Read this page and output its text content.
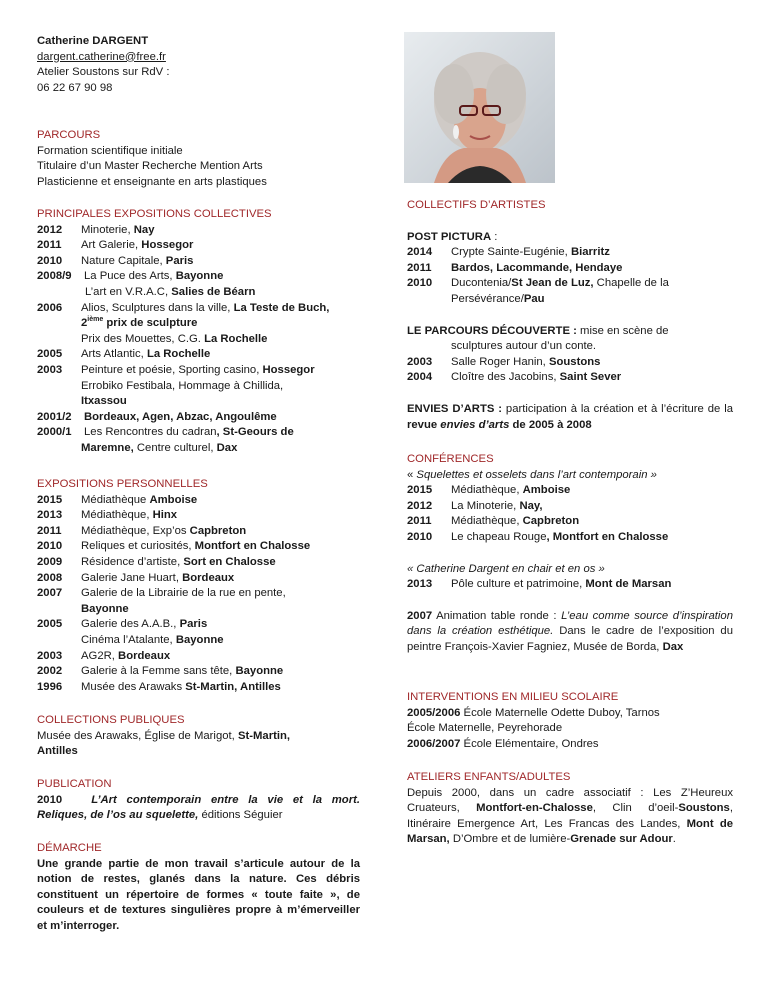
Catherine DARGENT
dargent.catherine@free.fr
Atelier Soustons sur RdV :
06 22 67 90 98
PARCOURS
Formation scientifique initiale
Titulaire d’un Master Recherche Mention Arts
Plasticienne et enseignante en arts plastiques
PRINCIPALES EXPOSITIONS COLLECTIVES
2012	Minoterie, Nay
2011	Art Galerie, Hossegor
2010	Nature Capitale, Paris
2008/9	La Puce des Arts, Bayonne
L’art en V.R.A.C, Salies de Béarn
2006	Alios, Sculptures dans la ville, La Teste de Buch,
2ième prix de sculpture
Prix des Mouettes, C.G. La Rochelle
2005	Arts Atlantic, La Rochelle
2003	Peinture et poésie, Sporting casino, Hossegor
Errobiko Festibala, Hommage à Chillida,
Itxassou
2001/2	Bordeaux, Agen, Abzac, Angoulême
2000/1	Les Rencontres du cadran, St-Geours de
Maremne, Centre culturel, Dax
EXPOSITIONS PERSONNELLES
2015	Médiathèque Amboise
2013	Médiathèque, Hinx
2011	Médiathèque, Exp’os Capbreton
2010	Reliques et curiosités, Montfort en Chalosse
2009	Résidence d’artiste, Sort en Chalosse
2008	Galerie Jane Huart, Bordeaux
2007	Galerie de la Librairie de la rue en pente,
Bayonne
2005	Galerie des A.A.B., Paris
Cinéma l’Atalante, Bayonne
2003	AG2R, Bordeaux
2002	Galerie à la Femme sans tête, Bayonne
1996	Musée des Arawaks St-Martin, Antilles
COLLECTIONS PUBLIQUES
Musée des Arawaks, Église de Marigot, St-Martin,
Antilles
PUBLICATION
2010	L’Art contemporain entre la vie et la mort.
Reliques, de l’os au squelette, éditions Séguier
DÉMARCHE
Une grande partie de mon travail s’articule autour de la notion de restes, glanés dans la nature. Ces débris constituent un répertoire de formes « toute faite », de couleurs et de textures singulières propre à m’émerveiller et m’interroger.
COLLECTIFS D’ARTISTES
POST PICTURA :
2014	Crypte Sainte-Eugénie, Biarritz
2011	Bardos, Lacommande, Hendaye
2010	Ducontenia/St Jean de Luz, Chapelle de la
Persévérance/Pau
LE PARCOURS DÉCOUVERTE : mise en scène de
sculptures autour d’un conte.
2003	Salle Roger Hanin, Soustons
2004	Cloître des Jacobins, Saint Sever
ENVIES D’ARTS : participation à la création et à l’écriture de la revue envies d’arts de 2005 à 2008
CONFÉRENCES
« Squelettes et osselets dans l’art contemporain »
2015	Médiathèque, Amboise
2012	La Minoterie, Nay,
2011	Médiathèque, Capbreton
2010	Le chapeau Rouge, Montfort en Chalosse
« Catherine Dargent en chair et en os »
2013	Pôle culture et patrimoine, Mont de Marsan
2007 Animation table ronde : L’eau comme source d’inspiration dans la création esthétique. Dans le cadre de l’exposition du peintre François-Xavier Fagniez, Musée de Borda, Dax
INTERVENTIONS EN MILIEU SCOLAIRE
2005/2006 École Maternelle Odette Duboy, Tarnos
École Maternelle, Peyrehorade
2006/2007 École Elémentaire, Ondres
ATELIERS ENFANTS/ADULTES
Depuis 2000, dans un cadre associatif : Les Z’Heureux Cruateurs, Montfort-en-Chalosse, Clin d’oeil-Soustons, Itinéraire Emergence Art, Les Francas des Landes, Mont de Marsan, D’Ombre et de lumière-Grenade sur Adour.
